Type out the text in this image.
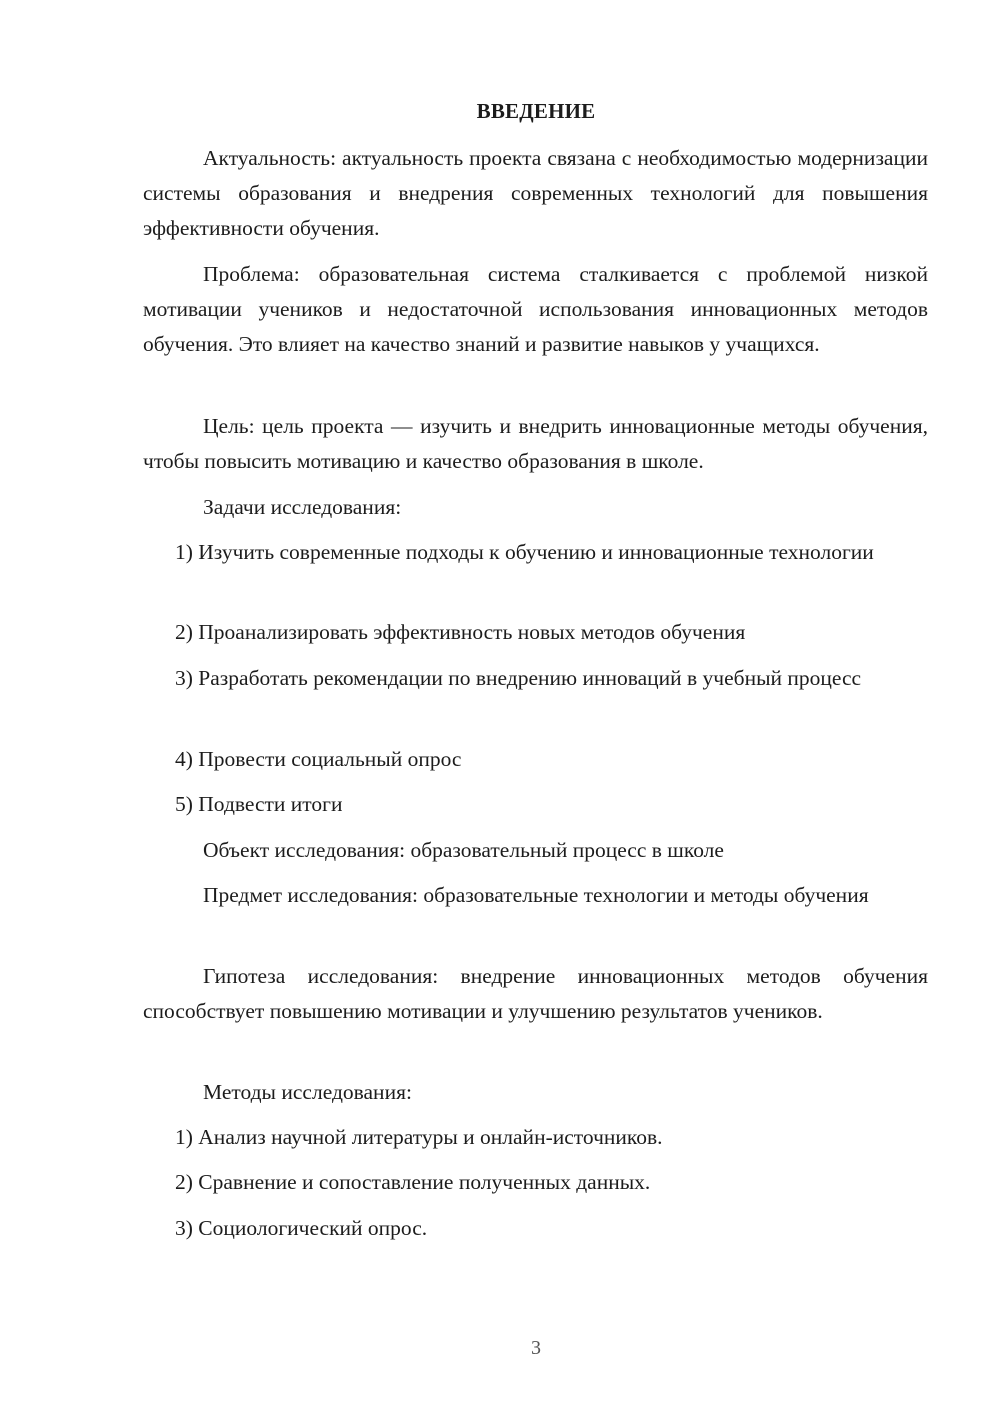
ВВЕДЕНИЕ

Актуальность: актуальность проекта связана с необходимостью модернизации системы образования и внедрения современных технологий для повышения эффективности обучения.

Проблема: образовательная система сталкивается с проблемой низкой мотивации учеников и недостаточной использования инновационных методов обучения. Это влияет на качество знаний и развитие навыков у учащихся.

Цель: цель проекта — изучить и внедрить инновационные методы обучения, чтобы повысить мотивацию и качество образования в школе.

Задачи исследования:

1) Изучить современные подходы к обучению и инновационные технологии

2) Проанализировать эффективность новых методов обучения

3) Разработать рекомендации по внедрению инноваций в учебный процесс

4) Провести социальный опрос

5) Подвести итоги

Объект исследования: образовательный процесс в школе

Предмет исследования: образовательные технологии и методы обучения

Гипотеза исследования: внедрение инновационных методов обучения способствует повышению мотивации и улучшению результатов учеников.

Методы исследования:

1) Анализ научной литературы и онлайн-источников.

2) Сравнение и сопоставление полученных данных.

3) Социологический опрос.

3
